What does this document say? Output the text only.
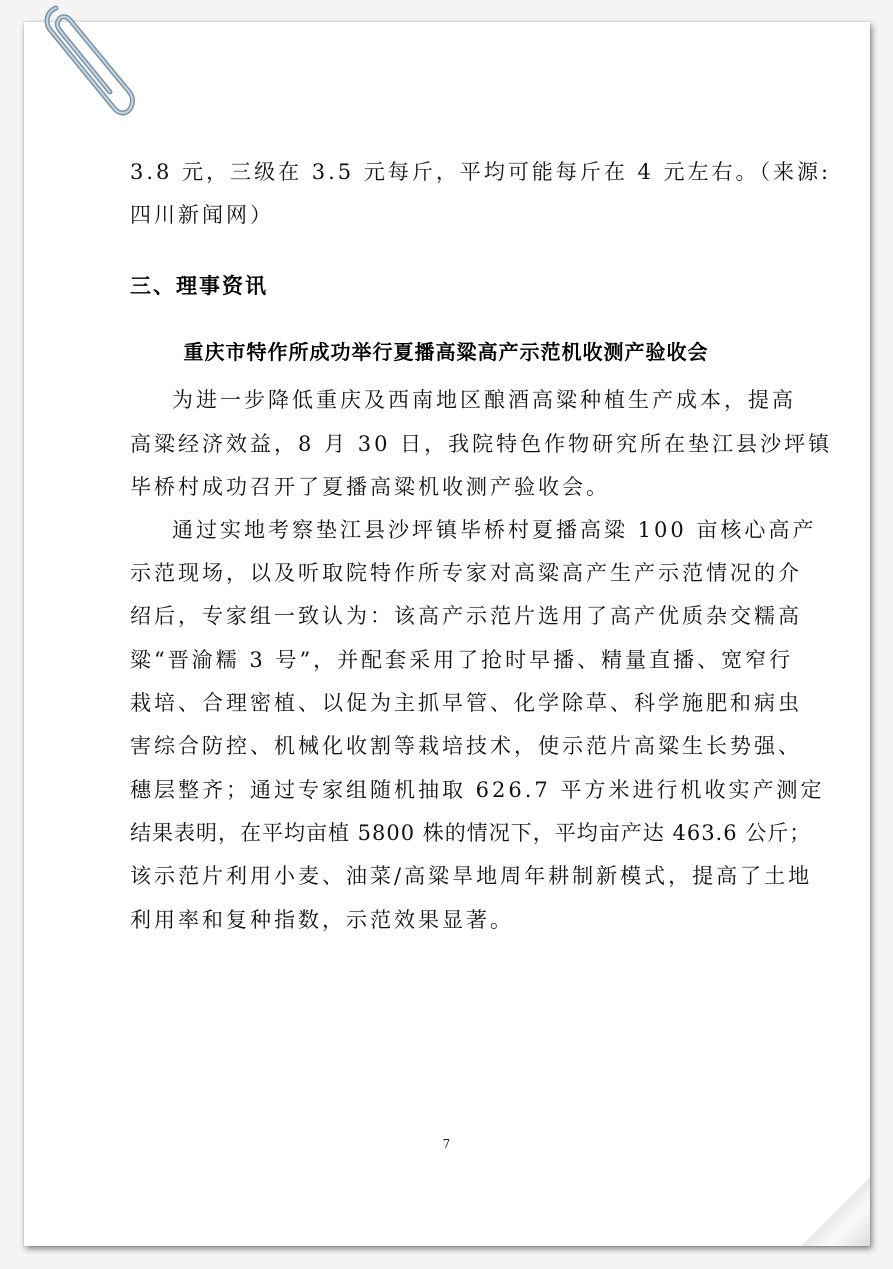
3.8 元，三级在 3.5 元每斤，平均可能每斤在 4 元左右。（来源:
四川新闻网）
三、理事资讯
重庆市特作所成功举行夏播高粱高产示范机收测产验收会
为进一步降低重庆及西南地区酿酒高粱种植生产成本，提高
高粱经济效益，8 月 30 日，我院特色作物研究所在垫江县沙坪镇
毕桥村成功召开了夏播高粱机收测产验收会。
通过实地考察垫江县沙坪镇毕桥村夏播高粱 100 亩核心高产
示范现场，以及听取院特作所专家对高粱高产生产示范情况的介
绍后，专家组一致认为：该高产示范片选用了高产优质杂交糯高
粱“晋渝糯 3 号”，并配套采用了抢时早播、精量直播、宽窄行
栽培、合理密植、以促为主抓早管、化学除草、科学施肥和病虫
害综合防控、机械化收割等栽培技术，使示范片高粱生长势强、
穗层整齐；通过专家组随机抽取 626.7 平方米进行机收实产测定
结果表明，在平均亩植 5800 株的情况下，平均亩产达 463.6 公斤；
该示范片利用小麦、油菜/高粱旱地周年耕制新模式，提高了土地
利用率和复种指数，示范效果显著。
7
